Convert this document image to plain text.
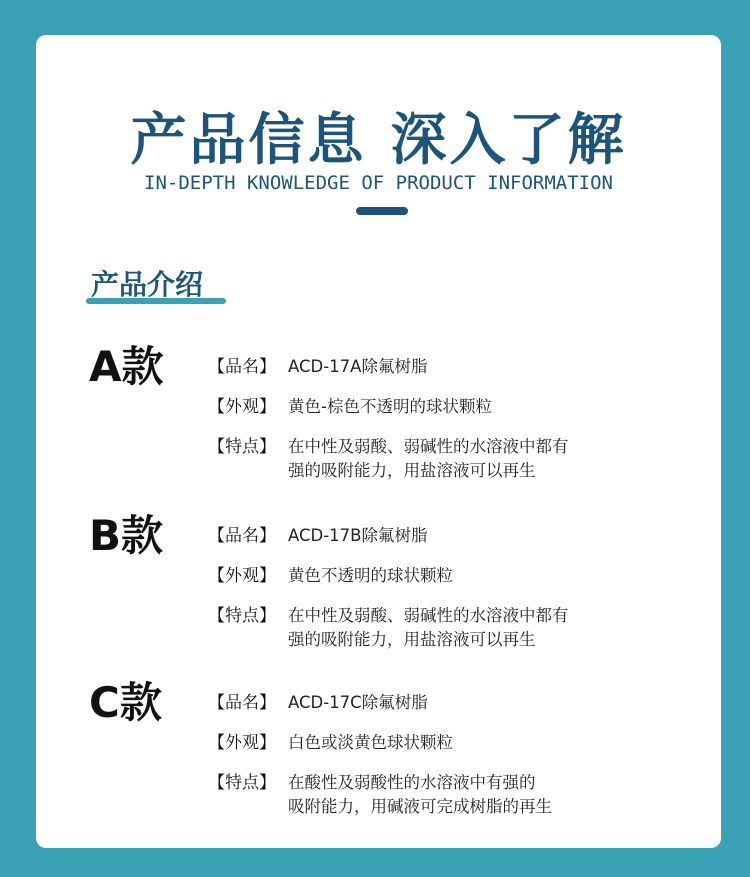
产品信息 深入了解
IN-DEPTH KNOWLEDGE OF PRODUCT INFORMATION
产品介绍
A款	【品名】 ACD-17A除氟树脂
【外观】 黄色-棕色不透明的球状颗粒
【特点】 在中性及弱酸、弱碱性的水溶液中都有
强的吸附能力，用盐溶液可以再生
B款	【品名】 ACD-17B除氟树脂
【外观】 黄色不透明的球状颗粒
【特点】 在中性及弱酸、弱碱性的水溶液中都有
强的吸附能力，用盐溶液可以再生
C款	【品名】 ACD-17C除氟树脂
【外观】 白色或淡黄色球状颗粒
【特点】 在酸性及弱酸性的水溶液中有强的
吸附能力，用碱液可完成树脂的再生
